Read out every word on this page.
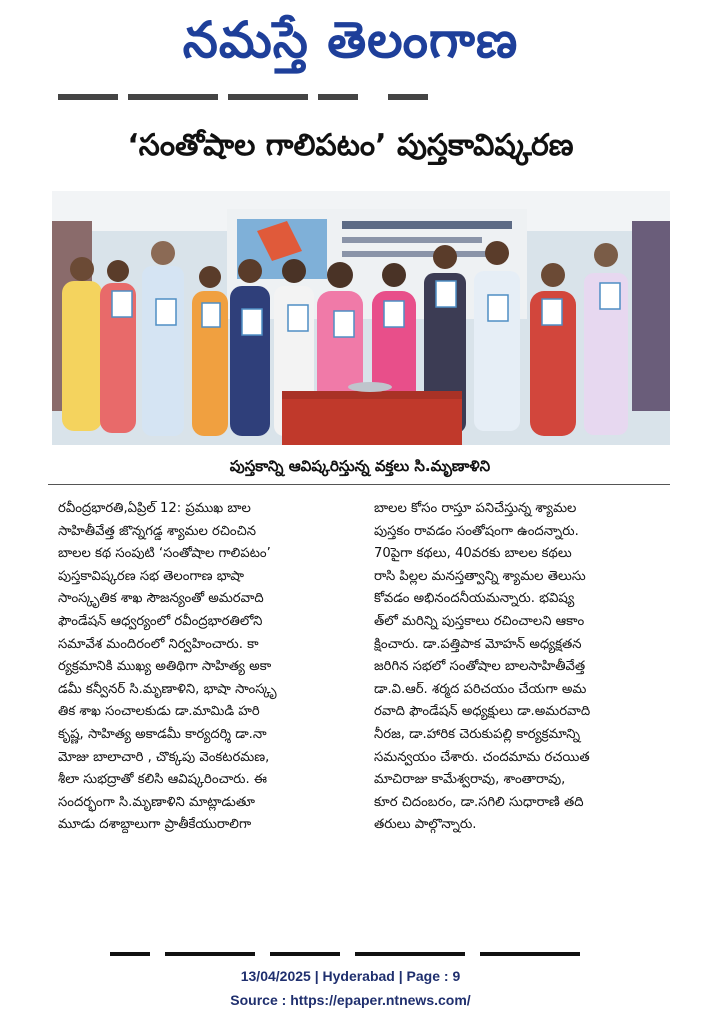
నమస్తే తెలంగాణ
‘సంతోషాల గాలిపటం’ పుస్తకావిష్కరణ
పుస్తకాన్ని ఆవిష్కరిస్తున్న వక్తలు సి.మృణాళిని
రవీంద్రభారతి,ఏప్రిల్ 12: ప్రముఖ బాల
సాహితీవేత్త జొన్నగడ్డ శ్యామల రచించిన
బాలల కథ సంపుటి ‘సంతోషాల గాలిపటం’
పుస్తకావిష్కరణ సభ తెలంగాణ భాషా
సాంస్కృతిక శాఖ సౌజన్యంతో అమరవాది
ఫౌండేషన్ ఆధ్వర్యంలో రవీంద్రభారతిలోని
సమావేశ మందిరంలో నిర్వహించారు. కా
ర్యక్రమానికి ముఖ్య అతిథిగా సాహిత్య అకా
డమీ కన్వీనర్ సి.మృణాళిని, భాషా సాంస్కృ
తిక శాఖ సంచాలకుడు డా.మామిడి హరి
కృష్ణ, సాహిత్య అకాడమీ కార్యదర్శి డా.నా
మోజు బాలాచారి , చొక్కపు వెంకటరమణ,
శీలా సుభద్రాతో కలిసి ఆవిష్కరించారు. ఈ
సందర్భంగా సి.మృణాళిని మాట్లాడుతూ
మూడు దశాబ్దాలుగా ప్రాతీకేయురాలిగా
బాలల కోసం రాస్తూ పనిచేస్తున్న శ్యామల
పుస్తకం రావడం సంతోషంగా ఉందన్నారు.
70పైగా కథలు, 40వరకు బాలల కథలు
రాసి పిల్లల మనస్తత్వాన్ని శ్యామల తెలుసు
కోవడం అభినందనీయమన్నారు. భవిష్య
త్‌లో మరిన్ని పుస్తకాలు రచించాలని ఆకాం
క్షించారు. డా.పత్తిపాక మోహన్ అధ్యక్షతన
జరిగిన సభలో సంతోషాల బాలసాహితీవేత్త
డా.వి.ఆర్. శర్మద పరిచయం చేయగా అమ
రవాది ఫౌండేషన్ అధ్యక్షులు డా.అమరవాది
నీరజ, డా.హారిక చెరుకుపల్లి కార్యక్రమాన్ని
సమన్వయం చేశారు. చందమామ రచయిత
మాచిరాజు కామేశ్వరావు, శాంతారావు,
కూర చిదంబరం, డా.సగిలి సుధారాణి తది
తరులు పాల్గొన్నారు.
13/04/2025 | Hyderabad | Page : 9
Source : https://epaper.ntnews.com/
